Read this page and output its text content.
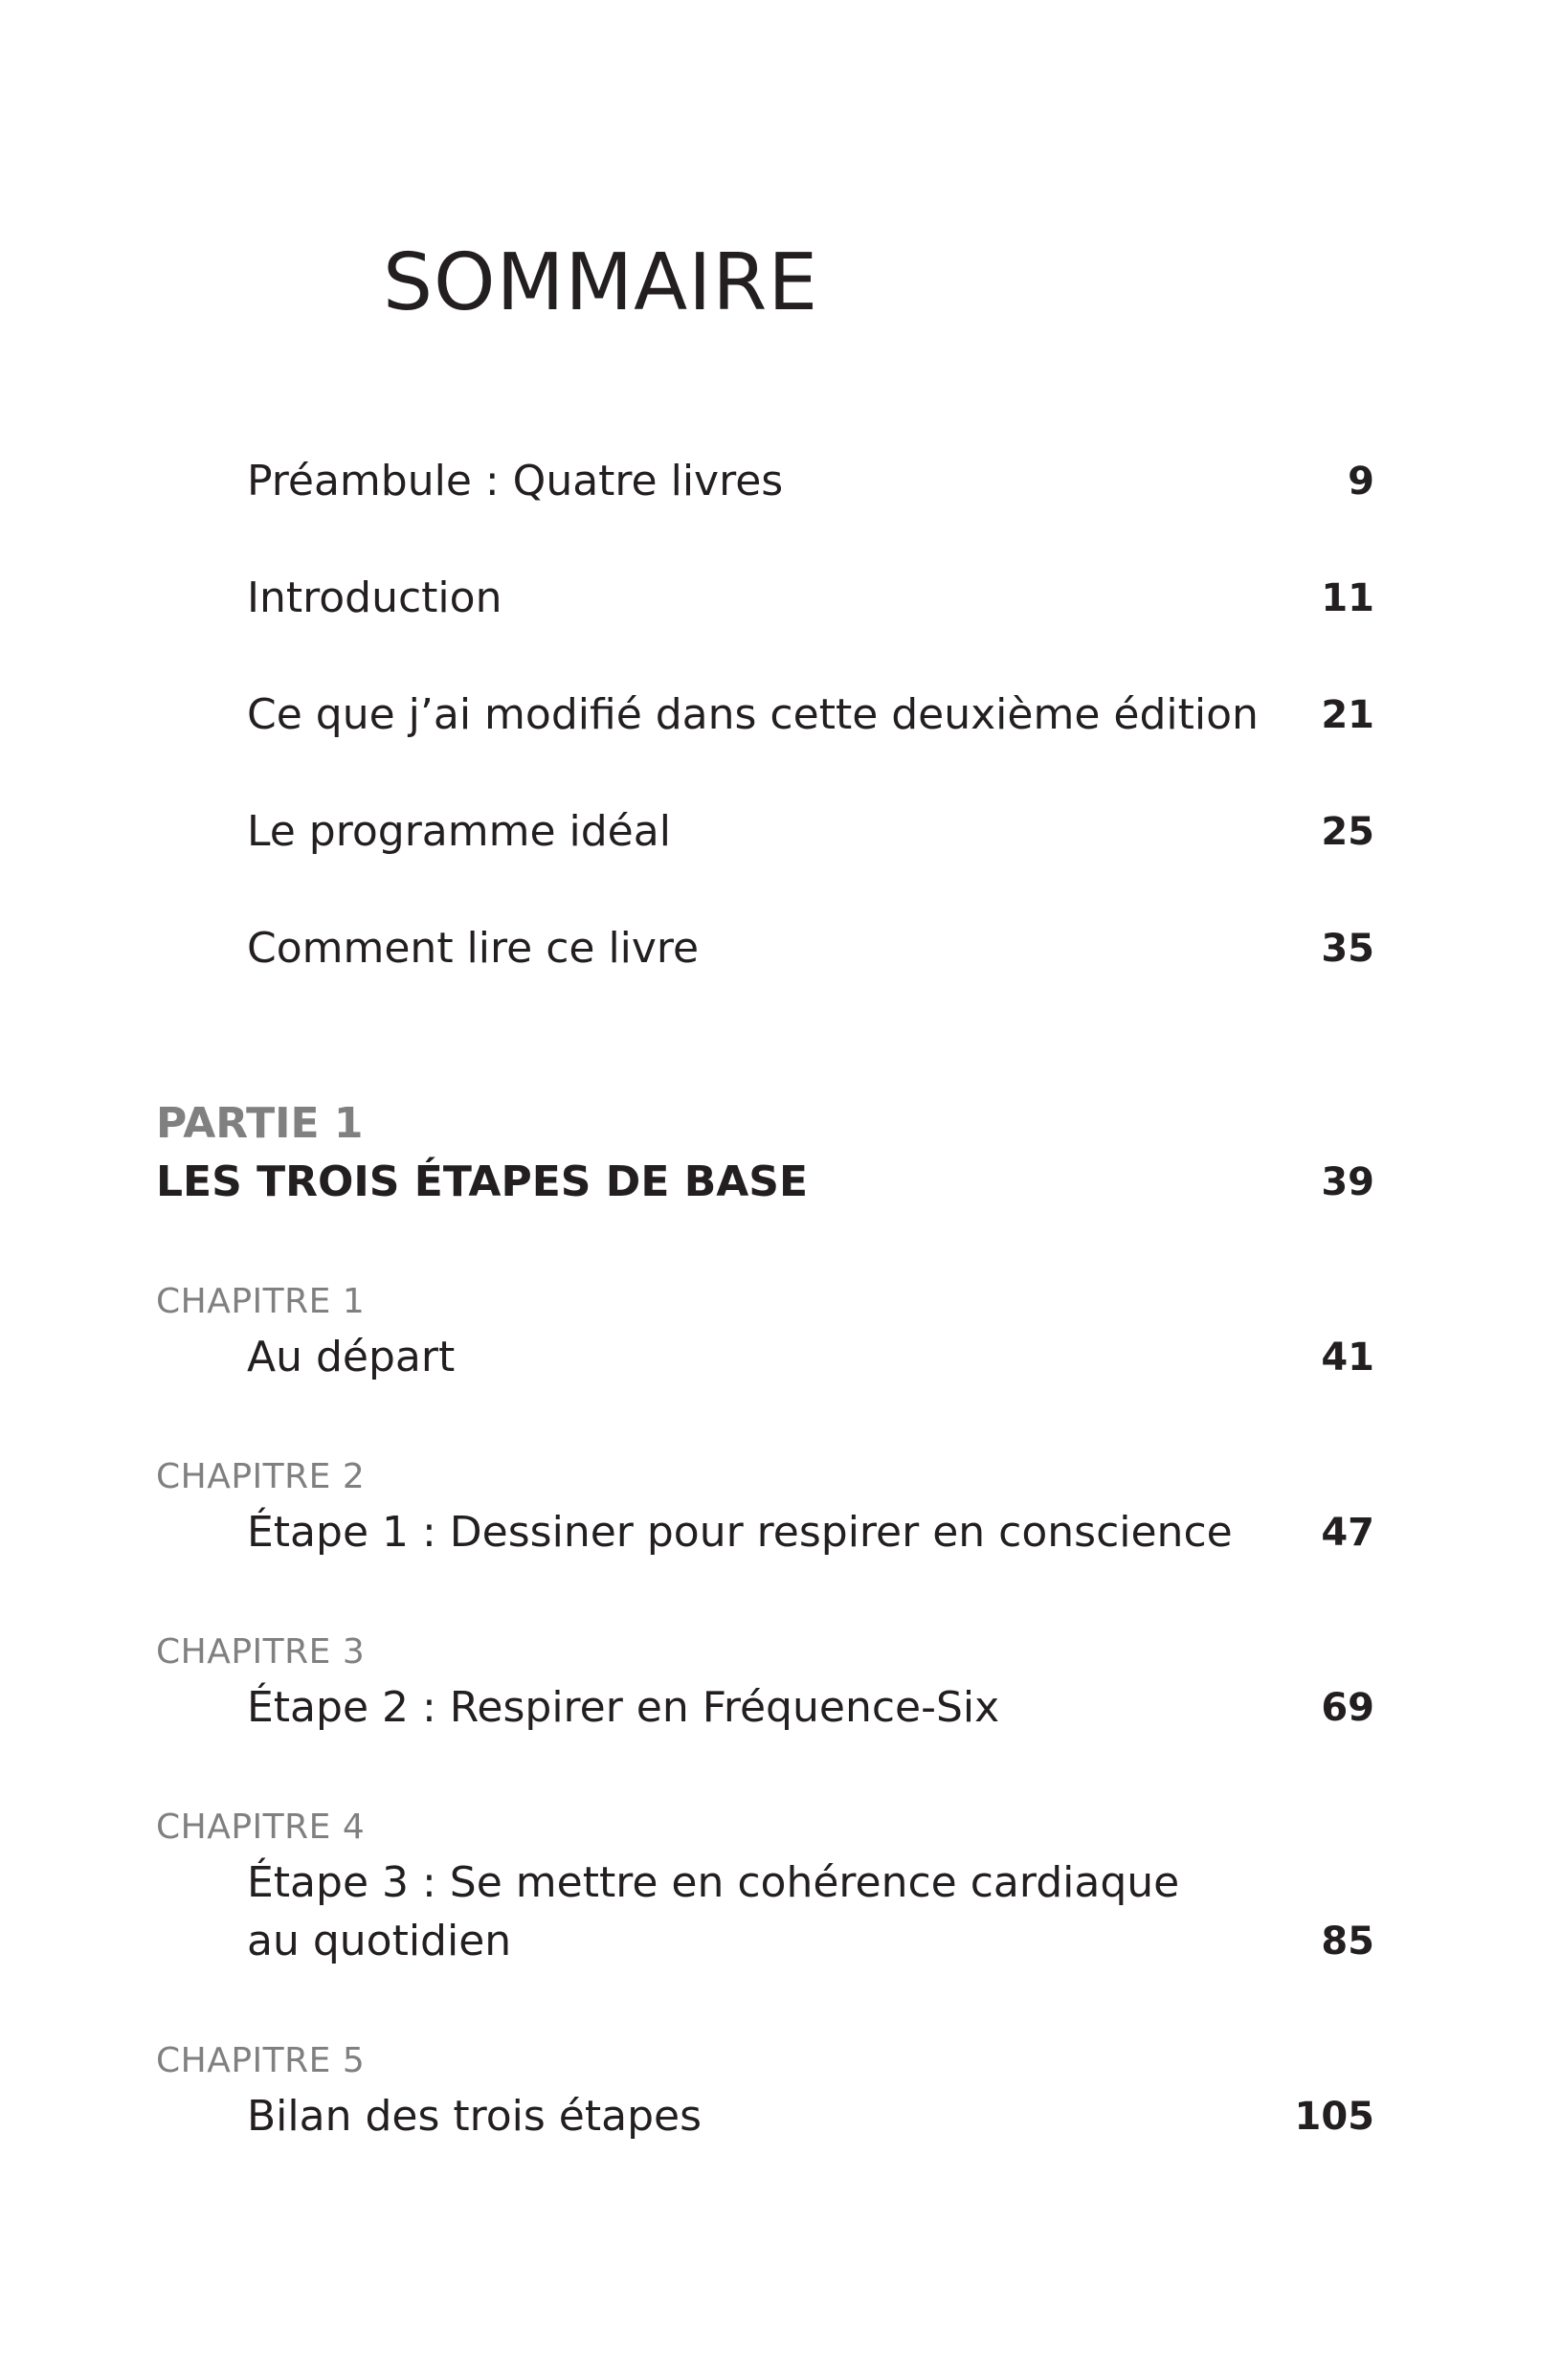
SOMMAIRE
Préambule : Quatre livres	9
Introduction	11
Ce que j’ai modifié dans cette deuxième édition 21
Le programme idéal	25
Comment lire ce livre	35
PARTIE 1
LES TROIS ÉTAPES DE BASE	39
CHAPITRE 1
Au départ	41
CHAPITRE 2
Étape 1 : Dessiner pour respirer en conscience 47
CHAPITRE 3
Étape 2 : Respirer en Fréquence-Six	69
CHAPITRE 4
Étape 3 : Se mettre en cohérence cardiaque
au quotidien	85
CHAPITRE 5
Bilan des trois étapes	105
